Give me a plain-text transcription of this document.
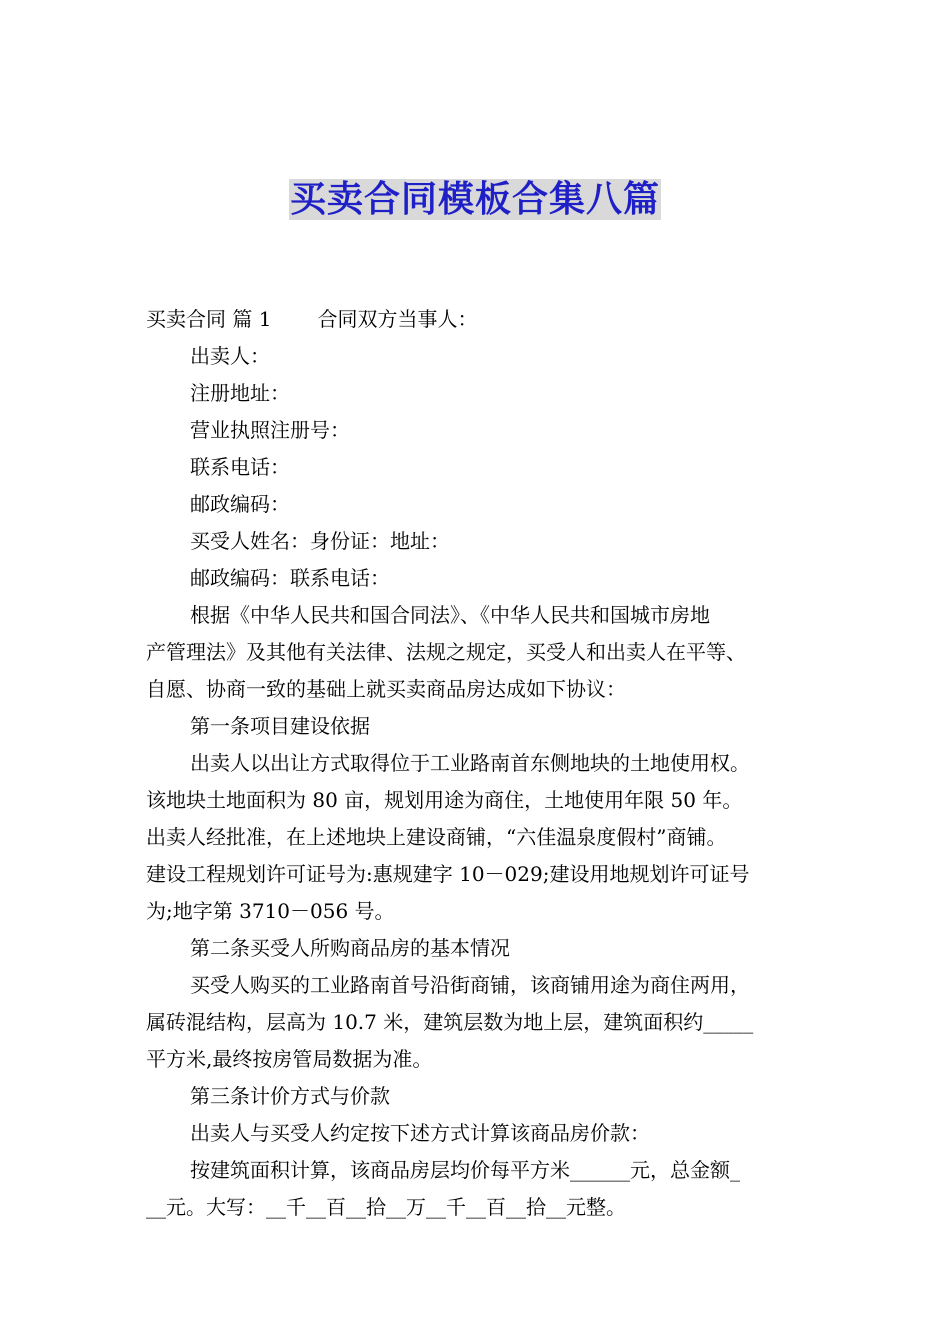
买卖合同模板合集八篇
买卖合同 篇 1 合同双方当事人：
出卖人：
注册地址：
营业执照注册号：
联系电话：
邮政编码：
买受人姓名：身份证：地址：
邮政编码：联系电话：
根据《中华人民共和国合同法》、《中华人民共和国城市房地
产管理法》及其他有关法律、法规之规定，买受人和出卖人在平等、
自愿、协商一致的基础上就买卖商品房达成如下协议：
第一条项目建设依据
出卖人以出让方式取得位于工业路南首东侧地块的土地使用权。
该地块土地面积为 80 亩，规划用途为商住，土地使用年限 50 年。
出卖人经批准，在上述地块上建设商铺，“六佳温泉度假村”商铺。
建设工程规划许可证号为:惠规建字 10－029;建设用地规划许可证号
为;地字第 3710－056 号。
第二条买受人所购商品房的基本情况
买受人购买的工业路南首号沿街商铺，该商铺用途为商住两用，
属砖混结构，层高为 10.7 米，建筑层数为地上层，建筑面积约_____
平方米,最终按房管局数据为准。
第三条计价方式与价款
出卖人与买受人约定按下述方式计算该商品房价款：
按建筑面积计算，该商品房层均价每平方米______元，总金额_
__元。大写：__千__百__拾__万__千__百__拾__元整。
